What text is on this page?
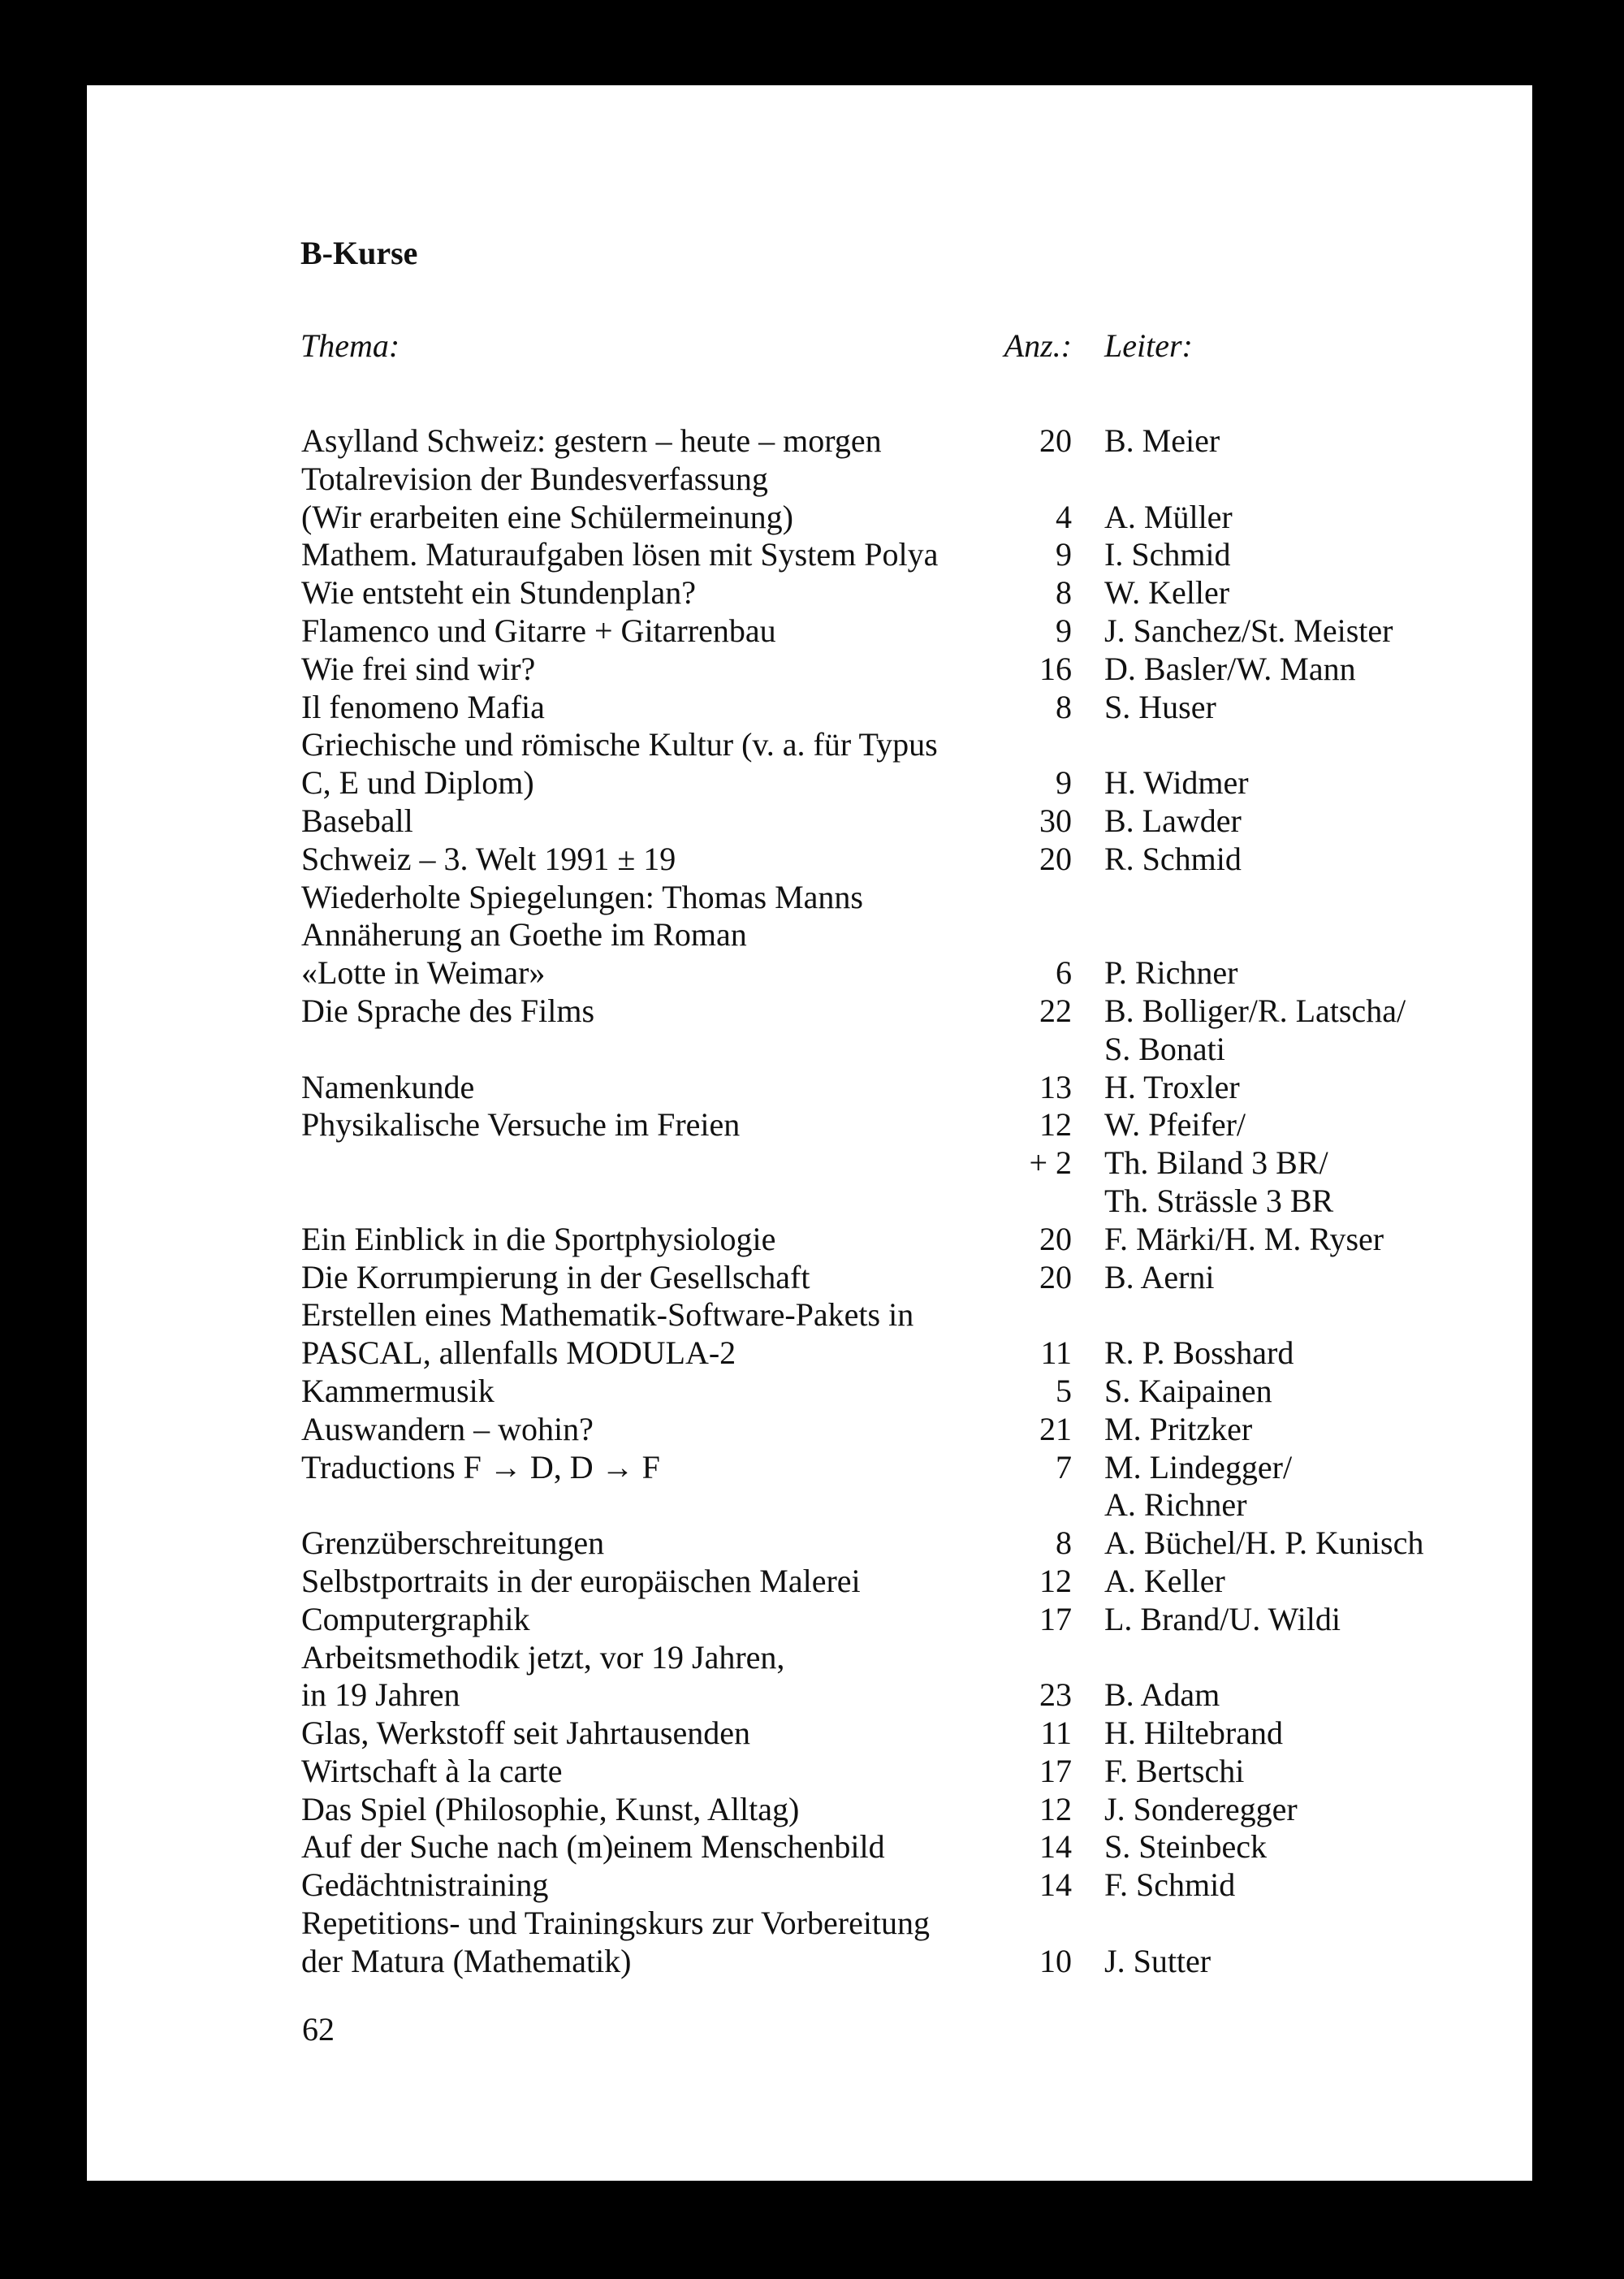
B-Kurse
Thema:	Anz.: Leiter:
Asylland Schweiz: gestern – heute – morgen	20 B. Meier
Totalrevision der Bundesverfassung
(Wir erarbeiten eine Schülermeinung)	4 A. Müller
Mathem. Maturaufgaben lösen mit System Polya	9 I. Schmid
Wie entsteht ein Stundenplan?	8 W. Keller
Flamenco und Gitarre + Gitarrenbau	9 J. Sanchez/St. Meister
Wie frei sind wir?	16 D. Basler/W. Mann
Il fenomeno Mafia	8 S. Huser
Griechische und römische Kultur (v. a. für Typus
C, E und Diplom)	9 H. Widmer
Baseball	30 B. Lawder
Schweiz – 3. Welt 1991 ± 19	20 R. Schmid
Wiederholte Spiegelungen: Thomas Manns
Annäherung an Goethe im Roman
«Lotte in Weimar»	6 P. Richner
Die Sprache des Films	22 B. Bolliger/R. Latscha/
S. Bonati
Namenkunde	13 H. Troxler
Physikalische Versuche im Freien	12 W. Pfeifer/
+ 2 Th. Biland 3 BR/
Th. Strässle 3 BR
Ein Einblick in die Sportphysiologie	20 F. Märki/H. M. Ryser
Die Korrumpierung in der Gesellschaft	20 B. Aerni
Erstellen eines Mathematik-Software-Pakets in
PASCAL, allenfalls MODULA-2	11 R. P. Bosshard
Kammermusik	5 S. Kaipainen
Auswandern – wohin?	21 M. Pritzker
Traductions F → D, D → F	7 M. Lindegger/
A. Richner
Grenzüberschreitungen	8 A. Büchel/H. P. Kunisch
Selbstportraits in der europäischen Malerei	12 A. Keller
Computergraphik	17 L. Brand/U. Wildi
Arbeitsmethodik jetzt, vor 19 Jahren,
in 19 Jahren	23 B. Adam
Glas, Werkstoff seit Jahrtausenden	11 H. Hiltebrand
Wirtschaft à la carte	17 F. Bertschi
Das Spiel (Philosophie, Kunst, Alltag)	12 J. Sonderegger
Auf der Suche nach (m)einem Menschenbild	14 S. Steinbeck
Gedächtnistraining	14 F. Schmid
Repetitions- und Trainingskurs zur Vorbereitung
der Matura (Mathematik)	10 J. Sutter
62
